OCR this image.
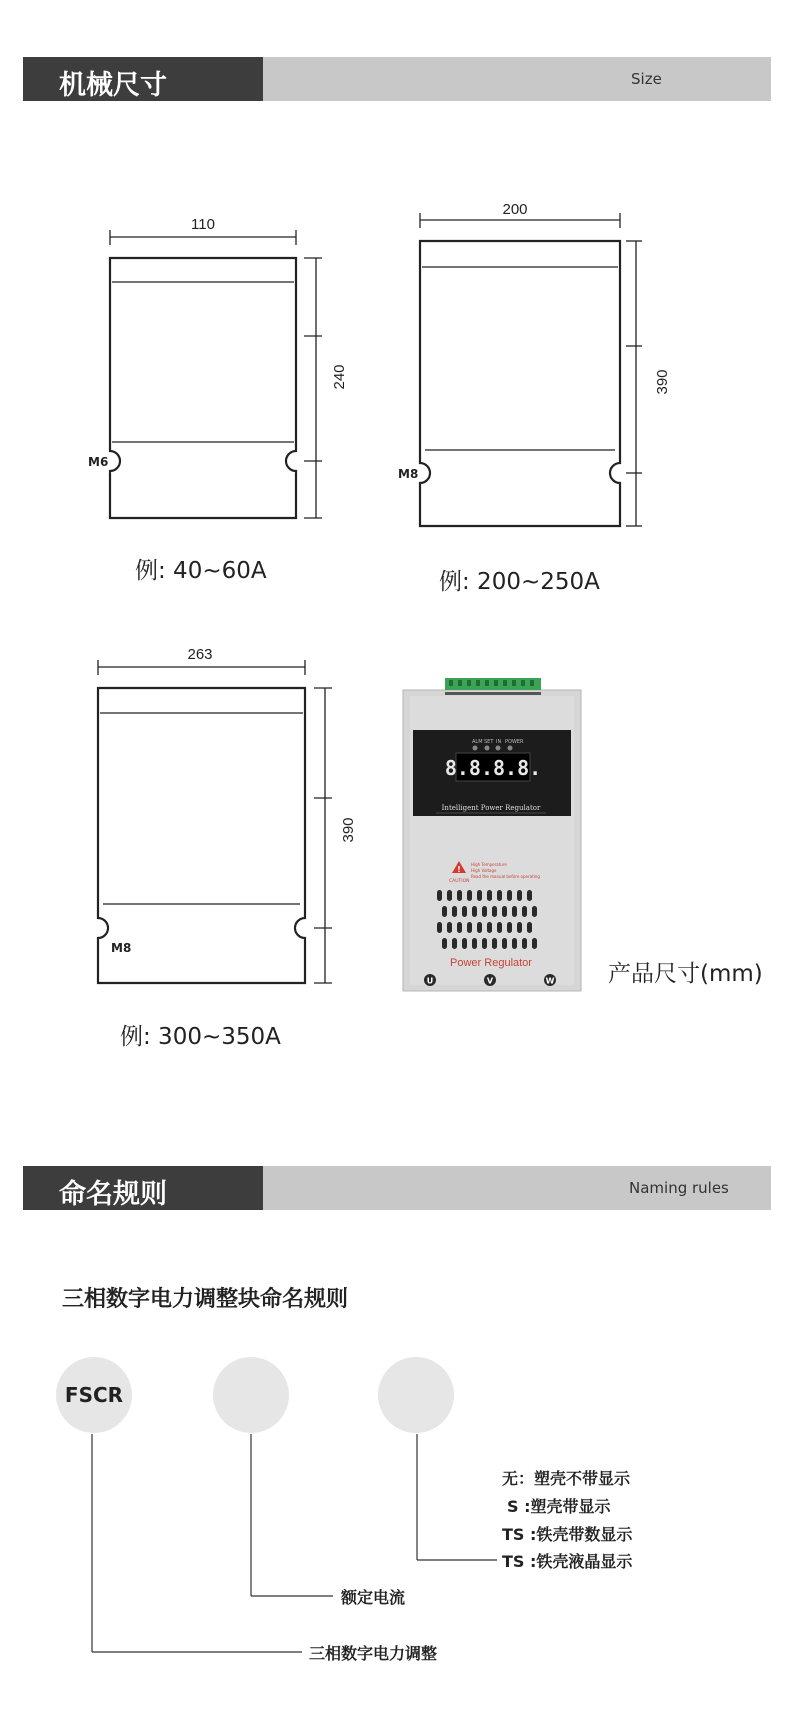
机械尺寸	Size
110
240
M6
200
390
M8
263
390
M8
ALM SET IN POWER
8.8.8.8.
Intelligent Power Regulator
!
CAUTION
High Temperature
High Voltage
Read the manual before operating
Power Regulator
U	V	W
例: 40~60A	例: 200~250A
例: 300~350A
产品尺寸(mm)
命名规则	Naming rules
三相数字电力调整块命名规则
FSCR
无：塑壳不带显示
S :塑壳带显示
TS :铁壳带数显示
TS :铁壳液晶显示
额定电流
三相数字电力调整
